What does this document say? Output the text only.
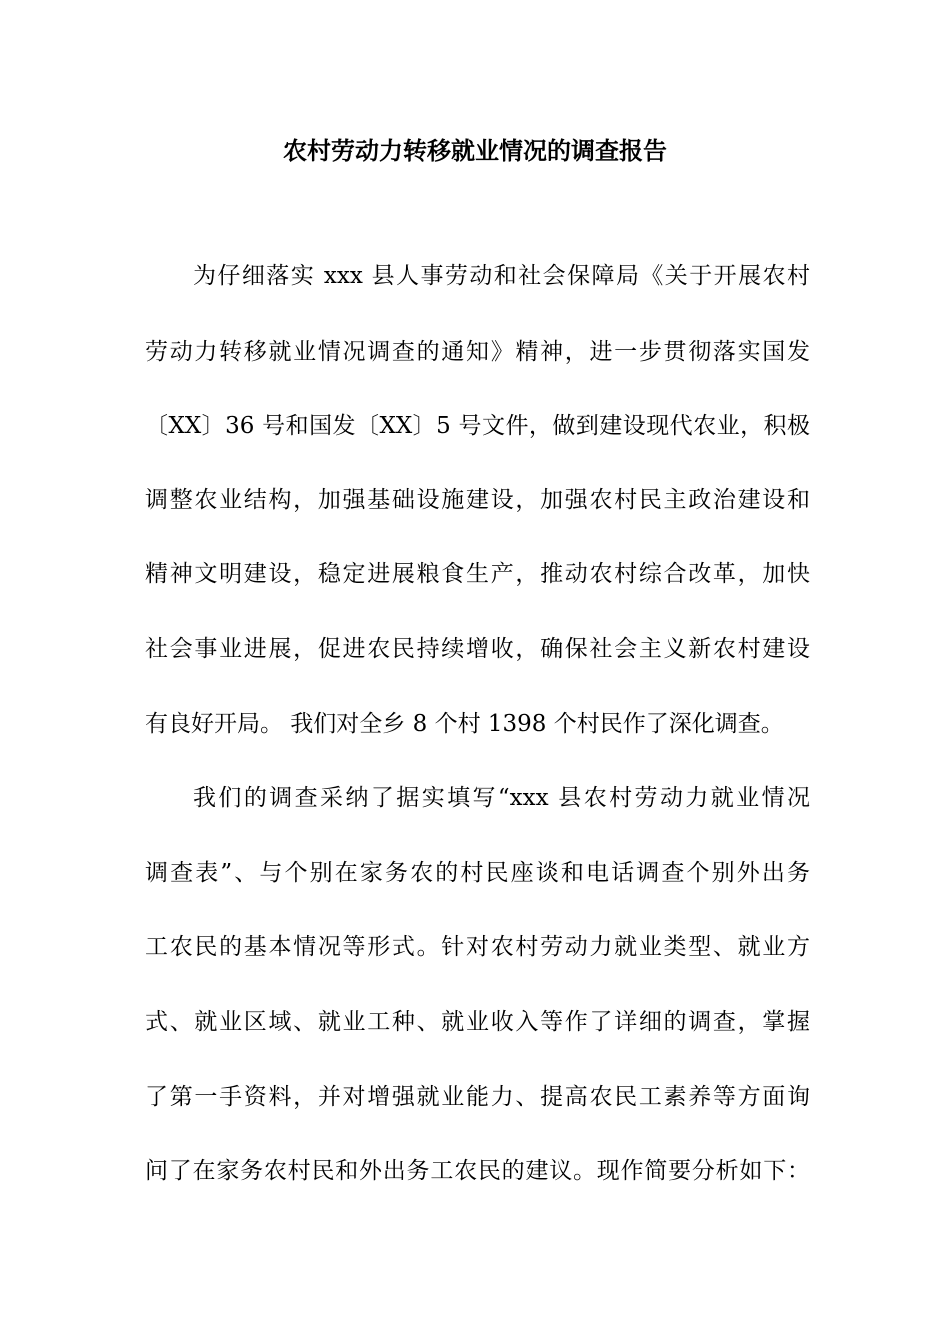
农村劳动力转移就业情况的调查报告

为仔细落实 xxx 县人事劳动和社会保障局《关于开展农村

劳动力转移就业情况调查的通知》精神，进一步贯彻落实国发

〔XX〕36 号和国发〔XX〕5 号文件，做到建设现代农业，积极

调整农业结构，加强基础设施建设，加强农村民主政治建设和

精神文明建设，稳定进展粮食生产，推动农村综合改革，加快

社会事业进展，促进农民持续增收，确保社会主义新农村建设

有良好开局。 我们对全乡 8 个村 1398 个村民作了深化调查。

我们的调查采纳了据实填写“xxx 县农村劳动力就业情况

调查表”、与个别在家务农的村民座谈和电话调查个别外出务

工农民的基本情况等形式。针对农村劳动力就业类型、就业方

式、就业区域、就业工种、就业收入等作了详细的调查，掌握

了第一手资料，并对增强就业能力、提高农民工素养等方面询

问了在家务农村民和外出务工农民的建议。现作简要分析如下：
